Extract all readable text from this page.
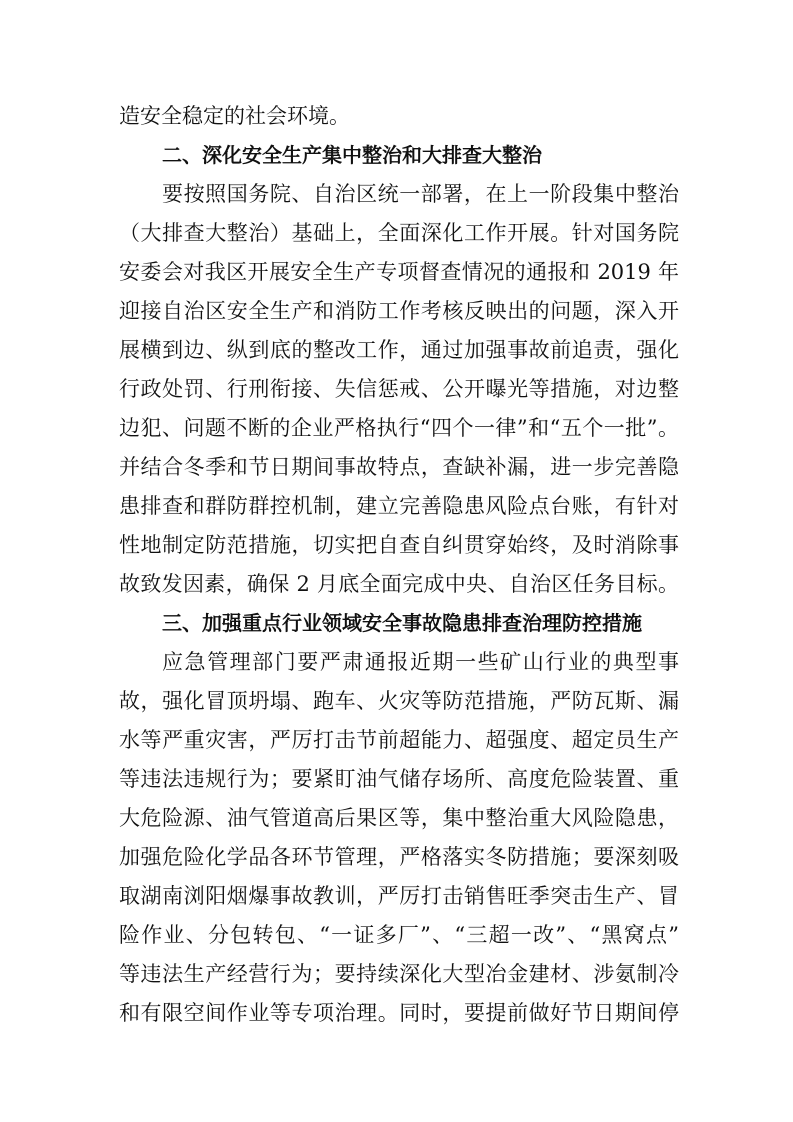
造安全稳定的社会环境。
二、深化安全生产集中整治和大排查大整治
要按照国务院、自治区统一部署，在上一阶段集中整治
（大排查大整治）基础上，全面深化工作开展。针对国务院
安委会对我区开展安全生产专项督查情况的通报和 2019 年
迎接自治区安全生产和消防工作考核反映出的问题，深入开
展横到边、纵到底的整改工作，通过加强事故前追责，强化
行政处罚、行刑衔接、失信惩戒、公开曝光等措施，对边整
边犯、问题不断的企业严格执行“四个一律”和“五个一批”。
并结合冬季和节日期间事故特点，查缺补漏，进一步完善隐
患排查和群防群控机制，建立完善隐患风险点台账，有针对
性地制定防范措施，切实把自查自纠贯穿始终，及时消除事
故致发因素，确保 2 月底全面完成中央、自治区任务目标。
三、加强重点行业领域安全事故隐患排查治理防控措施
应急管理部门要严肃通报近期一些矿山行业的典型事
故，强化冒顶坍塌、跑车、火灾等防范措施，严防瓦斯、漏
水等严重灾害，严厉打击节前超能力、超强度、超定员生产
等违法违规行为；要紧盯油气储存场所、高度危险装置、重
大危险源、油气管道高后果区等，集中整治重大风险隐患，
加强危险化学品各环节管理，严格落实冬防措施；要深刻吸
取湖南浏阳烟爆事故教训，严厉打击销售旺季突击生产、冒
险作业、分包转包、“一证多厂”、“三超一改”、“黑窝点”
等违法生产经营行为；要持续深化大型冶金建材、涉氨制冷
和有限空间作业等专项治理。同时，要提前做好节日期间停
